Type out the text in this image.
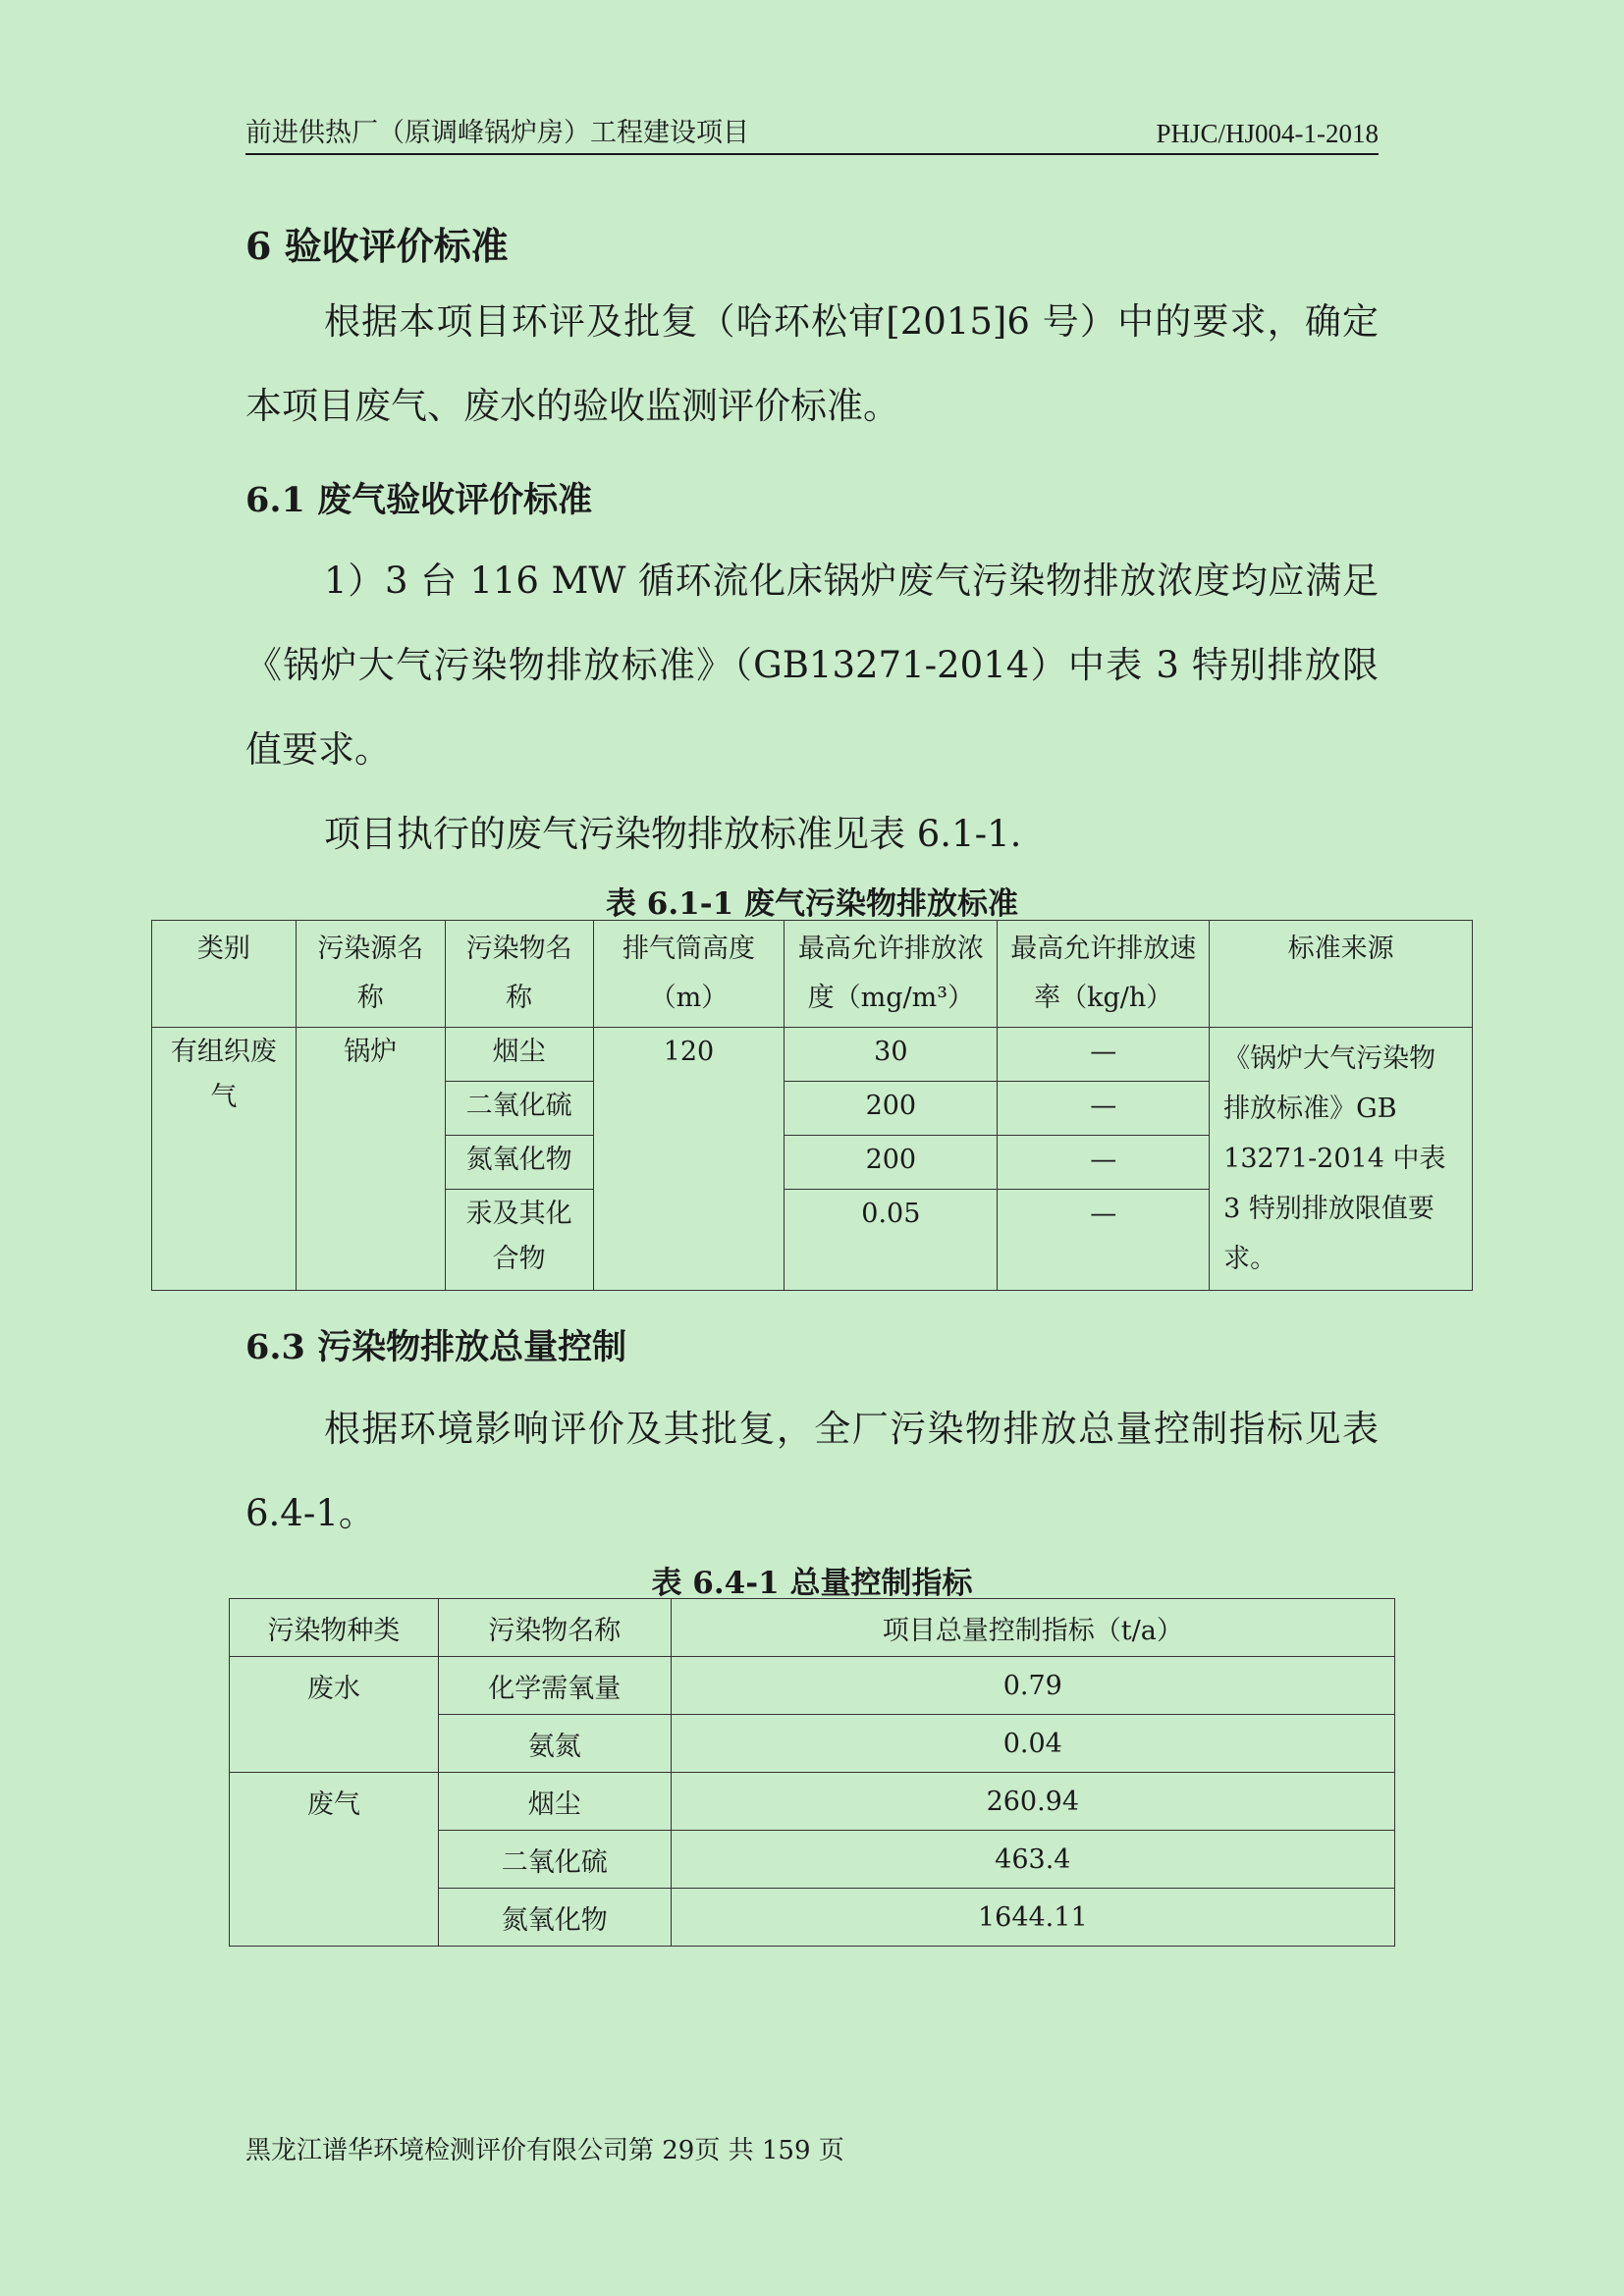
前进供热厂（原调峰锅炉房）工程建设项目	PHJC/HJ004-1-2018
6 验收评价标准
根据本项目环评及批复（哈环松审[2015]6 号）中的要求，确定本项目废气、废水的验收监测评价标准。
6.1 废气验收评价标准
1）3 台 116 MW 循环流化床锅炉废气污染物排放浓度均应满足《锅炉大气污染物排放标准》（GB13271-2014）中表 3 特别排放限值要求。
项目执行的废气污染物排放标准见表 6.1-1.
表 6.1-1 废气污染物排放标准
类别	污染源名称	污染物名称	排气筒高度（m）	最高允许排放浓度（mg/m³）	最高允许排放速率（kg/h）	标准来源
有组织废气	锅炉	烟尘	120	30	—	《锅炉大气污染物排放标准》GB 13271-2014 中表 3 特别排放限值要求。
		二氧化硫		200	—	
		氮氧化物		200	—	
		汞及其化合物		0.05	—	
6.3 污染物排放总量控制
根据环境影响评价及其批复，全厂污染物排放总量控制指标见表 6.4-1。
表 6.4-1 总量控制指标
污染物种类	污染物名称	项目总量控制指标（t/a）
废水	化学需氧量	0.79
	氨氮	0.04
废气	烟尘	260.94
	二氧化硫	463.4
	氮氧化物	1644.11
黑龙江谱华环境检测评价有限公司第 29页 共 159 页
